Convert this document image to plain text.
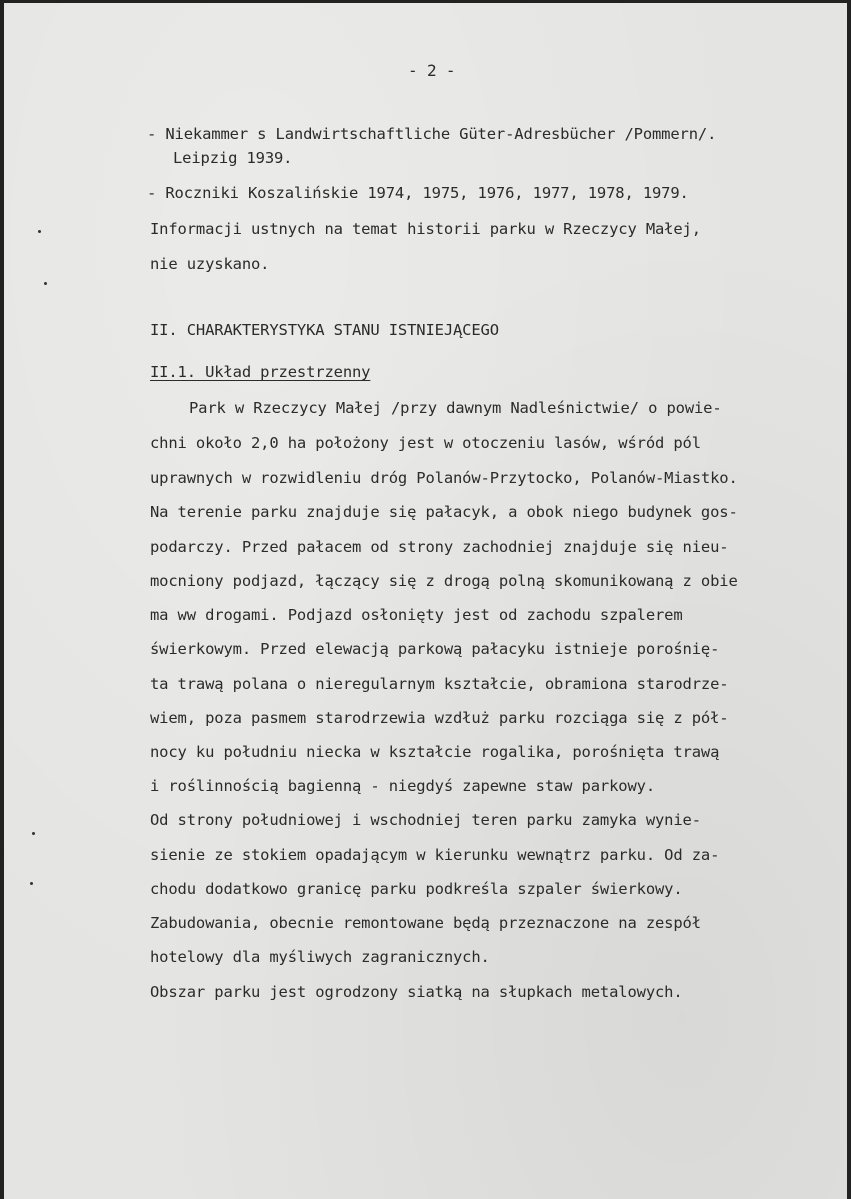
- 2 -
- Niekammer s Landwirtschaftliche Güter-Adresbücher /Pommern/.
Leipzig 1939.
- Roczniki Koszalińskie 1974, 1975, 1976, 1977, 1978, 1979.
Informacji ustnych na temat historii parku w Rzeczycy Małej,
nie uzyskano.
II. CHARAKTERYSTYKA STANU ISTNIEJĄCEGO
II.1. Układ przestrzenny
Park w Rzeczycy Małej /przy dawnym Nadleśnictwie/ o powie-
chni około 2,0 ha położony jest w otoczeniu lasów, wśród pól
uprawnych w rozwidleniu dróg Polanów-Przytocko, Polanów-Miastko.
Na terenie parku znajduje się pałacyk, a obok niego budynek gos-
podarczy. Przed pałacem od strony zachodniej znajduje się nieu-
mocniony podjazd, łączący się z drogą polną skomunikowaną z obie
ma ww drogami. Podjazd osłonięty jest od zachodu szpalerem
świerkowym. Przed elewacją parkową pałacyku istnieje porośnię-
ta trawą polana o nieregularnym kształcie, obramiona starodrze-
wiem, poza pasmem starodrzewia wzdłuż parku rozciąga się z pół-
nocy ku południu niecka w kształcie rogalika, porośnięta trawą
i roślinnością bagienną - niegdyś zapewne staw parkowy.
Od strony południowej i wschodniej teren parku zamyka wynie-
sienie ze stokiem opadającym w kierunku wewnątrz parku. Od za-
chodu dodatkowo granicę parku podkreśla szpaler świerkowy.
Zabudowania, obecnie remontowane będą przeznaczone na zespół
hotelowy dla myśliwych zagranicznych.
Obszar parku jest ogrodzony siatką na słupkach metalowych.
